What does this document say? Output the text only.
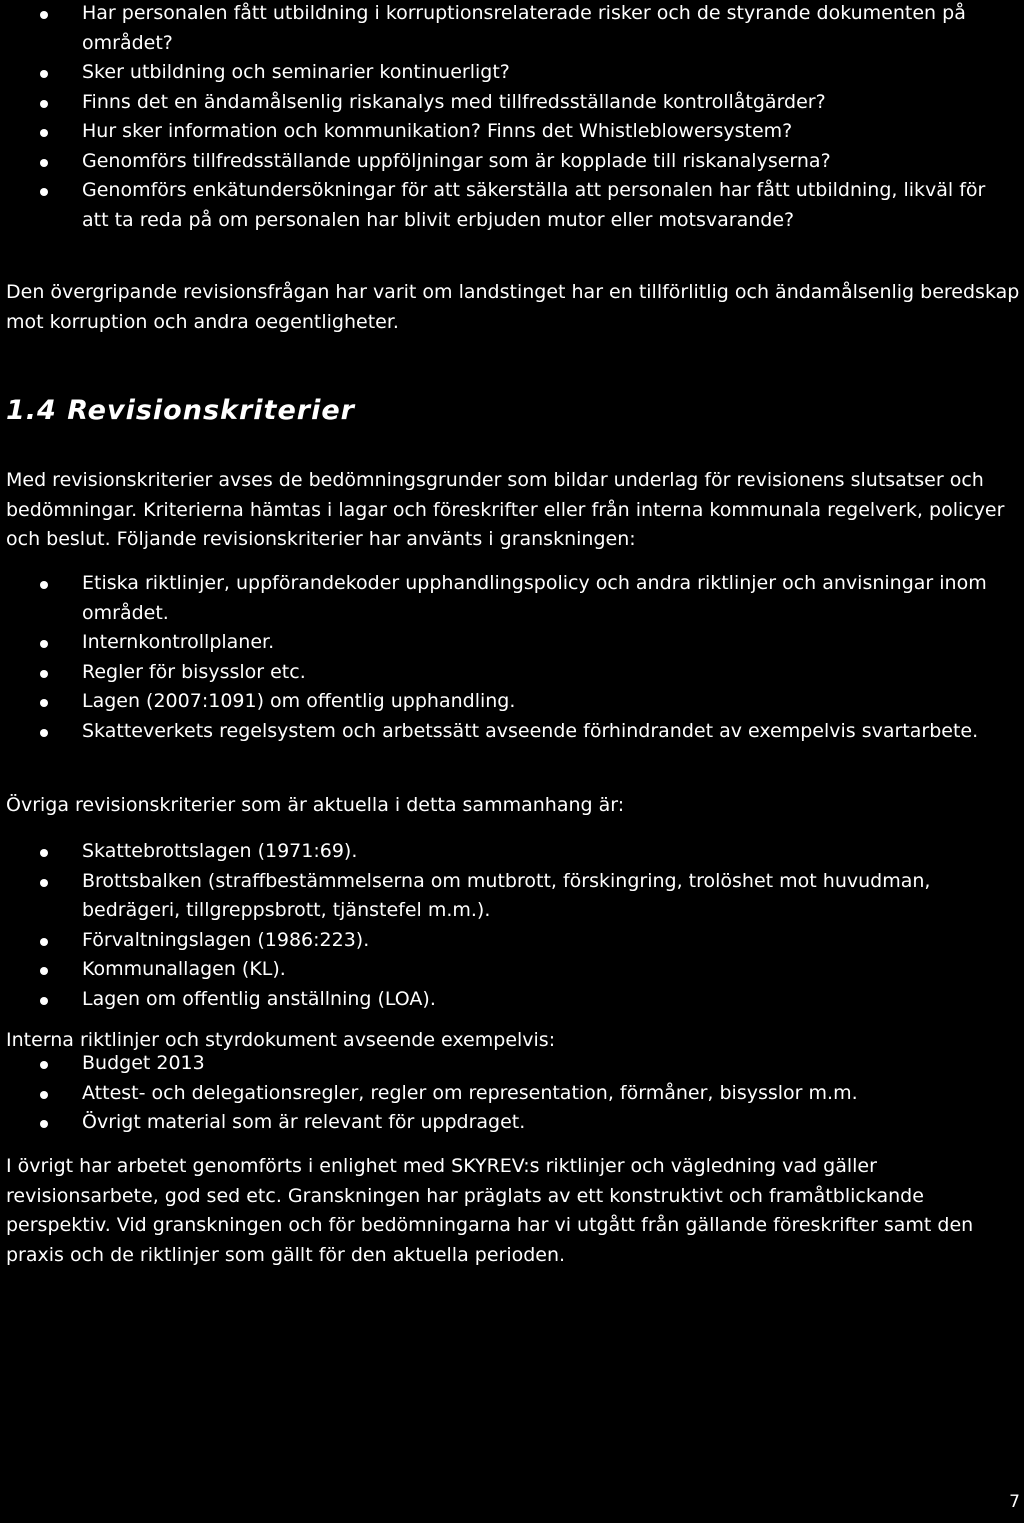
Har personalen fått utbildning i korruptionsrelaterade risker och de styrande dokumenten på området?
Sker utbildning och seminarier kontinuerligt?
Finns det en ändamålsenlig riskanalys med tillfredsställande kontrollåtgärder?
Hur sker information och kommunikation? Finns det Whistleblowersystem?
Genomförs tillfredsställande uppföljningar som är kopplade till riskanalyserna?
Genomförs enkätundersökningar för att säkerställa att personalen har fått utbildning, likväl för att ta reda på om personalen har blivit erbjuden mutor eller motsvarande?

Den övergripande revisionsfrågan har varit om landstinget har en tillförlitlig och ändamålsenlig beredskap mot korruption och andra oegentligheter.

1.4 Revisionskriterier

Med revisionskriterier avses de bedömningsgrunder som bildar underlag för revisionens slutsatser och bedömningar. Kriterierna hämtas i lagar och föreskrifter eller från interna kommunala regelverk, policyer och beslut. Följande revisionskriterier har använts i granskningen:

Etiska riktlinjer, uppförandekoder upphandlingspolicy och andra riktlinjer och anvisningar inom området.
Internkontrollplaner.
Regler för bisysslor etc.
Lagen (2007:1091) om offentlig upphandling.
Skatteverkets regelsystem och arbetssätt avseende förhindrandet av exempelvis svartarbete.

Övriga revisionskriterier som är aktuella i detta sammanhang är:

Skattebrottslagen (1971:69).
Brottsbalken (straffbestämmelserna om mutbrott, förskingring, trolöshet mot huvudman, bedrägeri, tillgreppsbrott, tjänstefel m.m.).
Förvaltningslagen (1986:223).
Kommunallagen (KL).
Lagen om offentlig anställning (LOA).

Interna riktlinjer och styrdokument avseende exempelvis:

Budget 2013
Attest- och delegationsregler, regler om representation, förmåner, bisysslor m.m.
Övrigt material som är relevant för uppdraget.

I övrigt har arbetet genomförts i enlighet med SKYREV:s riktlinjer och vägledning vad gäller revisionsarbete, god sed etc. Granskningen har präglats av ett konstruktivt och framåtblickande perspektiv. Vid granskningen och för bedömningarna har vi utgått från gällande föreskrifter samt den praxis och de riktlinjer som gällt för den aktuella perioden.

7
